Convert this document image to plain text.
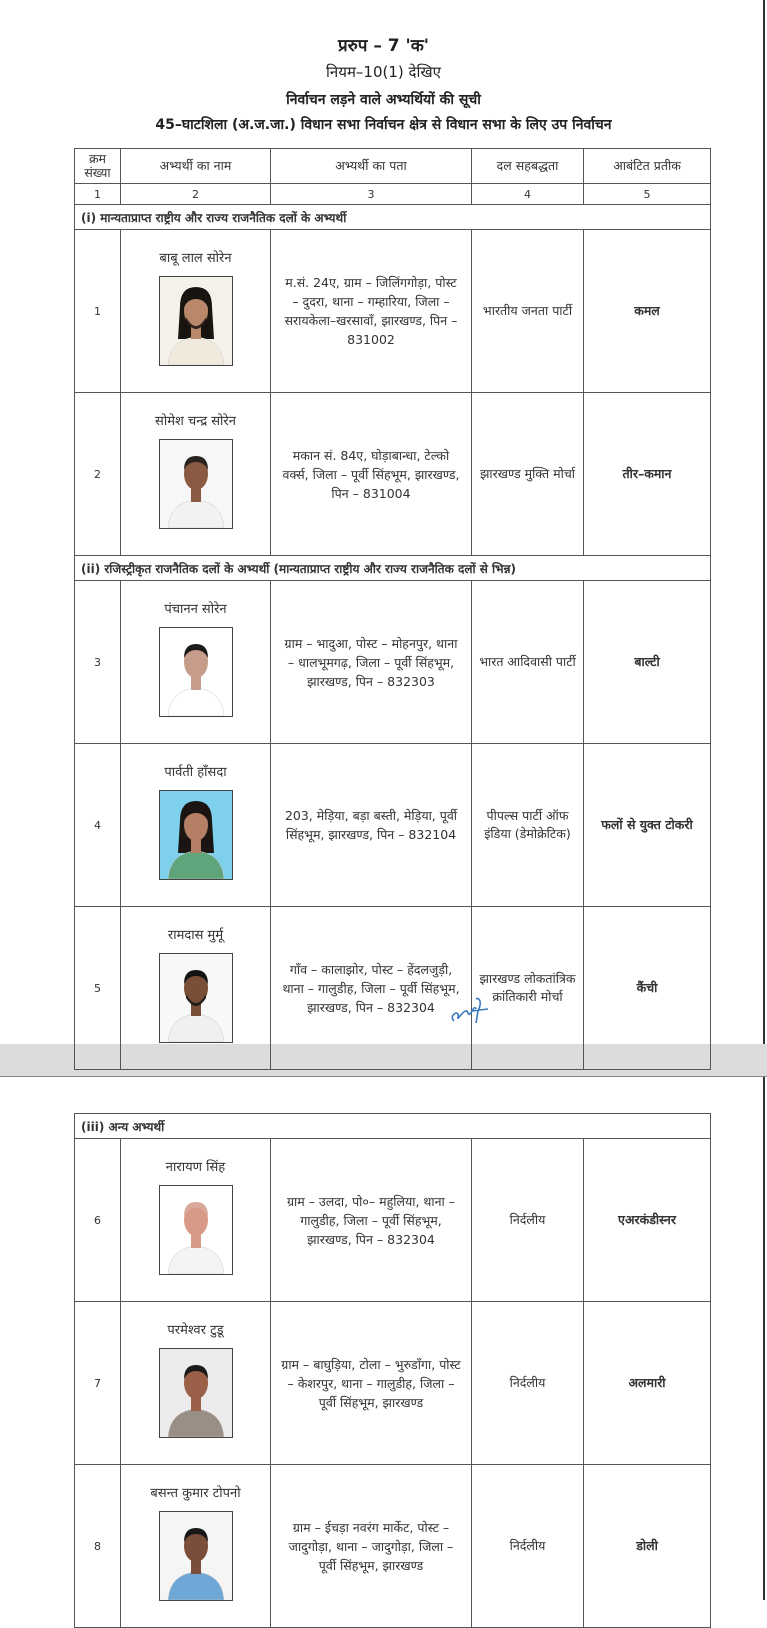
प्ररुप – 7 'क'
नियम–10(1) देखिए
निर्वाचन लड़ने वाले अभ्यर्थियों की सूची
45–घाटशिला (अ.ज.जा.) विधान सभा निर्वाचन क्षेत्र से विधान सभा के लिए उप निर्वाचन
क्रम संख्या	अभ्यर्थी का नाम	अभ्यर्थी का पता	दल सहबद्धता	आबंटित प्रतीक
1	2	3	4	5
(i) मान्यताप्राप्त राष्ट्रीय और राज्य राजनैतिक दलों के अभ्यर्थी				
1	बाबू लाल सोरेन	म.सं. 24ए, ग्राम – जिलिंगगोड़ा, पोस्ट – दुदरा, थाना – गम्हारिया, जिला – सरायकेला–खरसावाँ, झारखण्ड, पिन – 831002	भारतीय जनता पार्टी	कमल
2	सोमेश चन्द्र सोरेन	मकान सं. 84ए, घोड़ाबान्धा, टेल्को वर्क्स, जिला – पूर्वी सिंहभूम, झारखण्ड, पिन – 831004	झारखण्ड मुक्ति मोर्चा	तीर–कमान
(ii) रजिस्ट्रीकृत राजनैतिक दलों के अभ्यर्थी (मान्यताप्राप्त राष्ट्रीय और राज्य राजनैतिक दलों से भिन्न)				
3	पंचानन सोरेन	ग्राम – भादुआ, पोस्ट – मोहनपुर, थाना – धालभूमगढ़, जिला – पूर्वी सिंहभूम, झारखण्ड, पिन – 832303	भारत आदिवासी पार्टी	बाल्टी
4	पार्वती हाँसदा	203, मेड़िया, बड़ा बस्ती, मेड़िया, पूर्वी सिंहभूम, झारखण्ड, पिन – 832104	पीपल्स पार्टी ऑफ इंडिया (डेमोक्रेटिक)	फलों से युक्त टोकरी
5	रामदास मुर्मू	गाँव – कालाझोर, पोस्ट – हेंदलजुड़ी, थाना – गालुडीह, जिला – पूर्वी सिंहभूम, झारखण्ड, पिन – 832304	झारखण्ड लोकतांत्रिक क्रांतिकारी मोर्चा	कैंची
(iii) अन्य अभ्यर्थी				
6	नारायण सिंह	ग्राम – उलदा, पो०– महुलिया, थाना – गालुडीह, जिला – पूर्वी सिंहभूम, झारखण्ड, पिन – 832304	निर्दलीय	एअरकंडीस्नर
7	परमेश्वर टुडू	ग्राम – बाघुड़िया, टोला – भुरुडाँगा, पोस्ट – केशरपुर, थाना – गालुडीह, जिला – पूर्वी सिंहभूम, झारखण्ड	निर्दलीय	अलमारी
8	बसन्त कुमार टोपनो	ग्राम – ईचड़ा नवरंग मार्केट, पोस्ट – जादुगोड़ा, थाना – जादुगोड़ा, जिला – पूर्वी सिंहभूम, झारखण्ड	निर्दलीय	डोली
